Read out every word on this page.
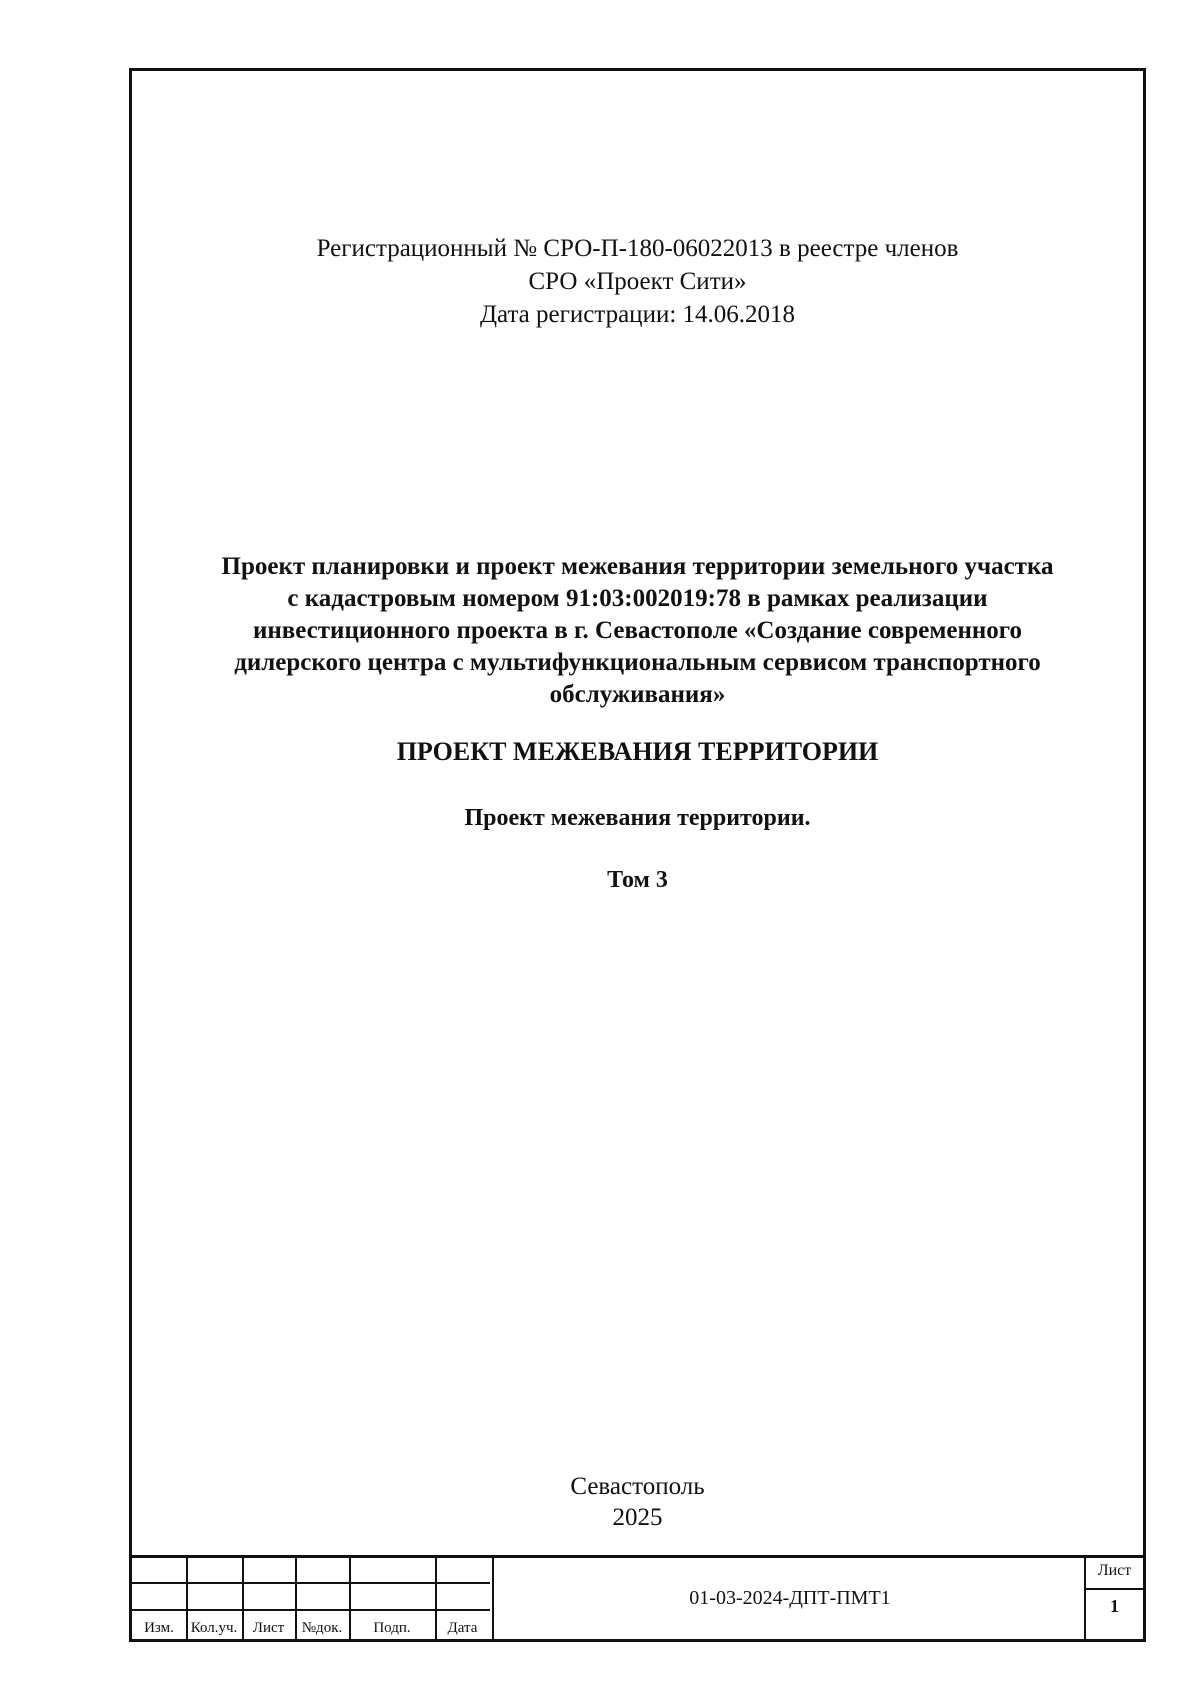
Регистрационный № СРО-П-180-06022013 в реестре членов
СРО «Проект Сити»
Дата регистрации: 14.06.2018
Проект планировки и проект межевания территории земельного участка
с кадастровым номером 91:03:002019:78 в рамках реализации
инвестиционного проекта в г. Севастополе «Создание современного
дилерского центра с мультифункциональным сервисом транспортного
обслуживания»
ПРОЕКТ МЕЖЕВАНИЯ ТЕРРИТОРИИ
Проект межевания территории.
Том 3
Севастополь
2025
Изм.	Кол.уч.	Лист	№док.	Подп.	Дата
01-03-2024-ДПТ-ПМТ1
Лист
1
